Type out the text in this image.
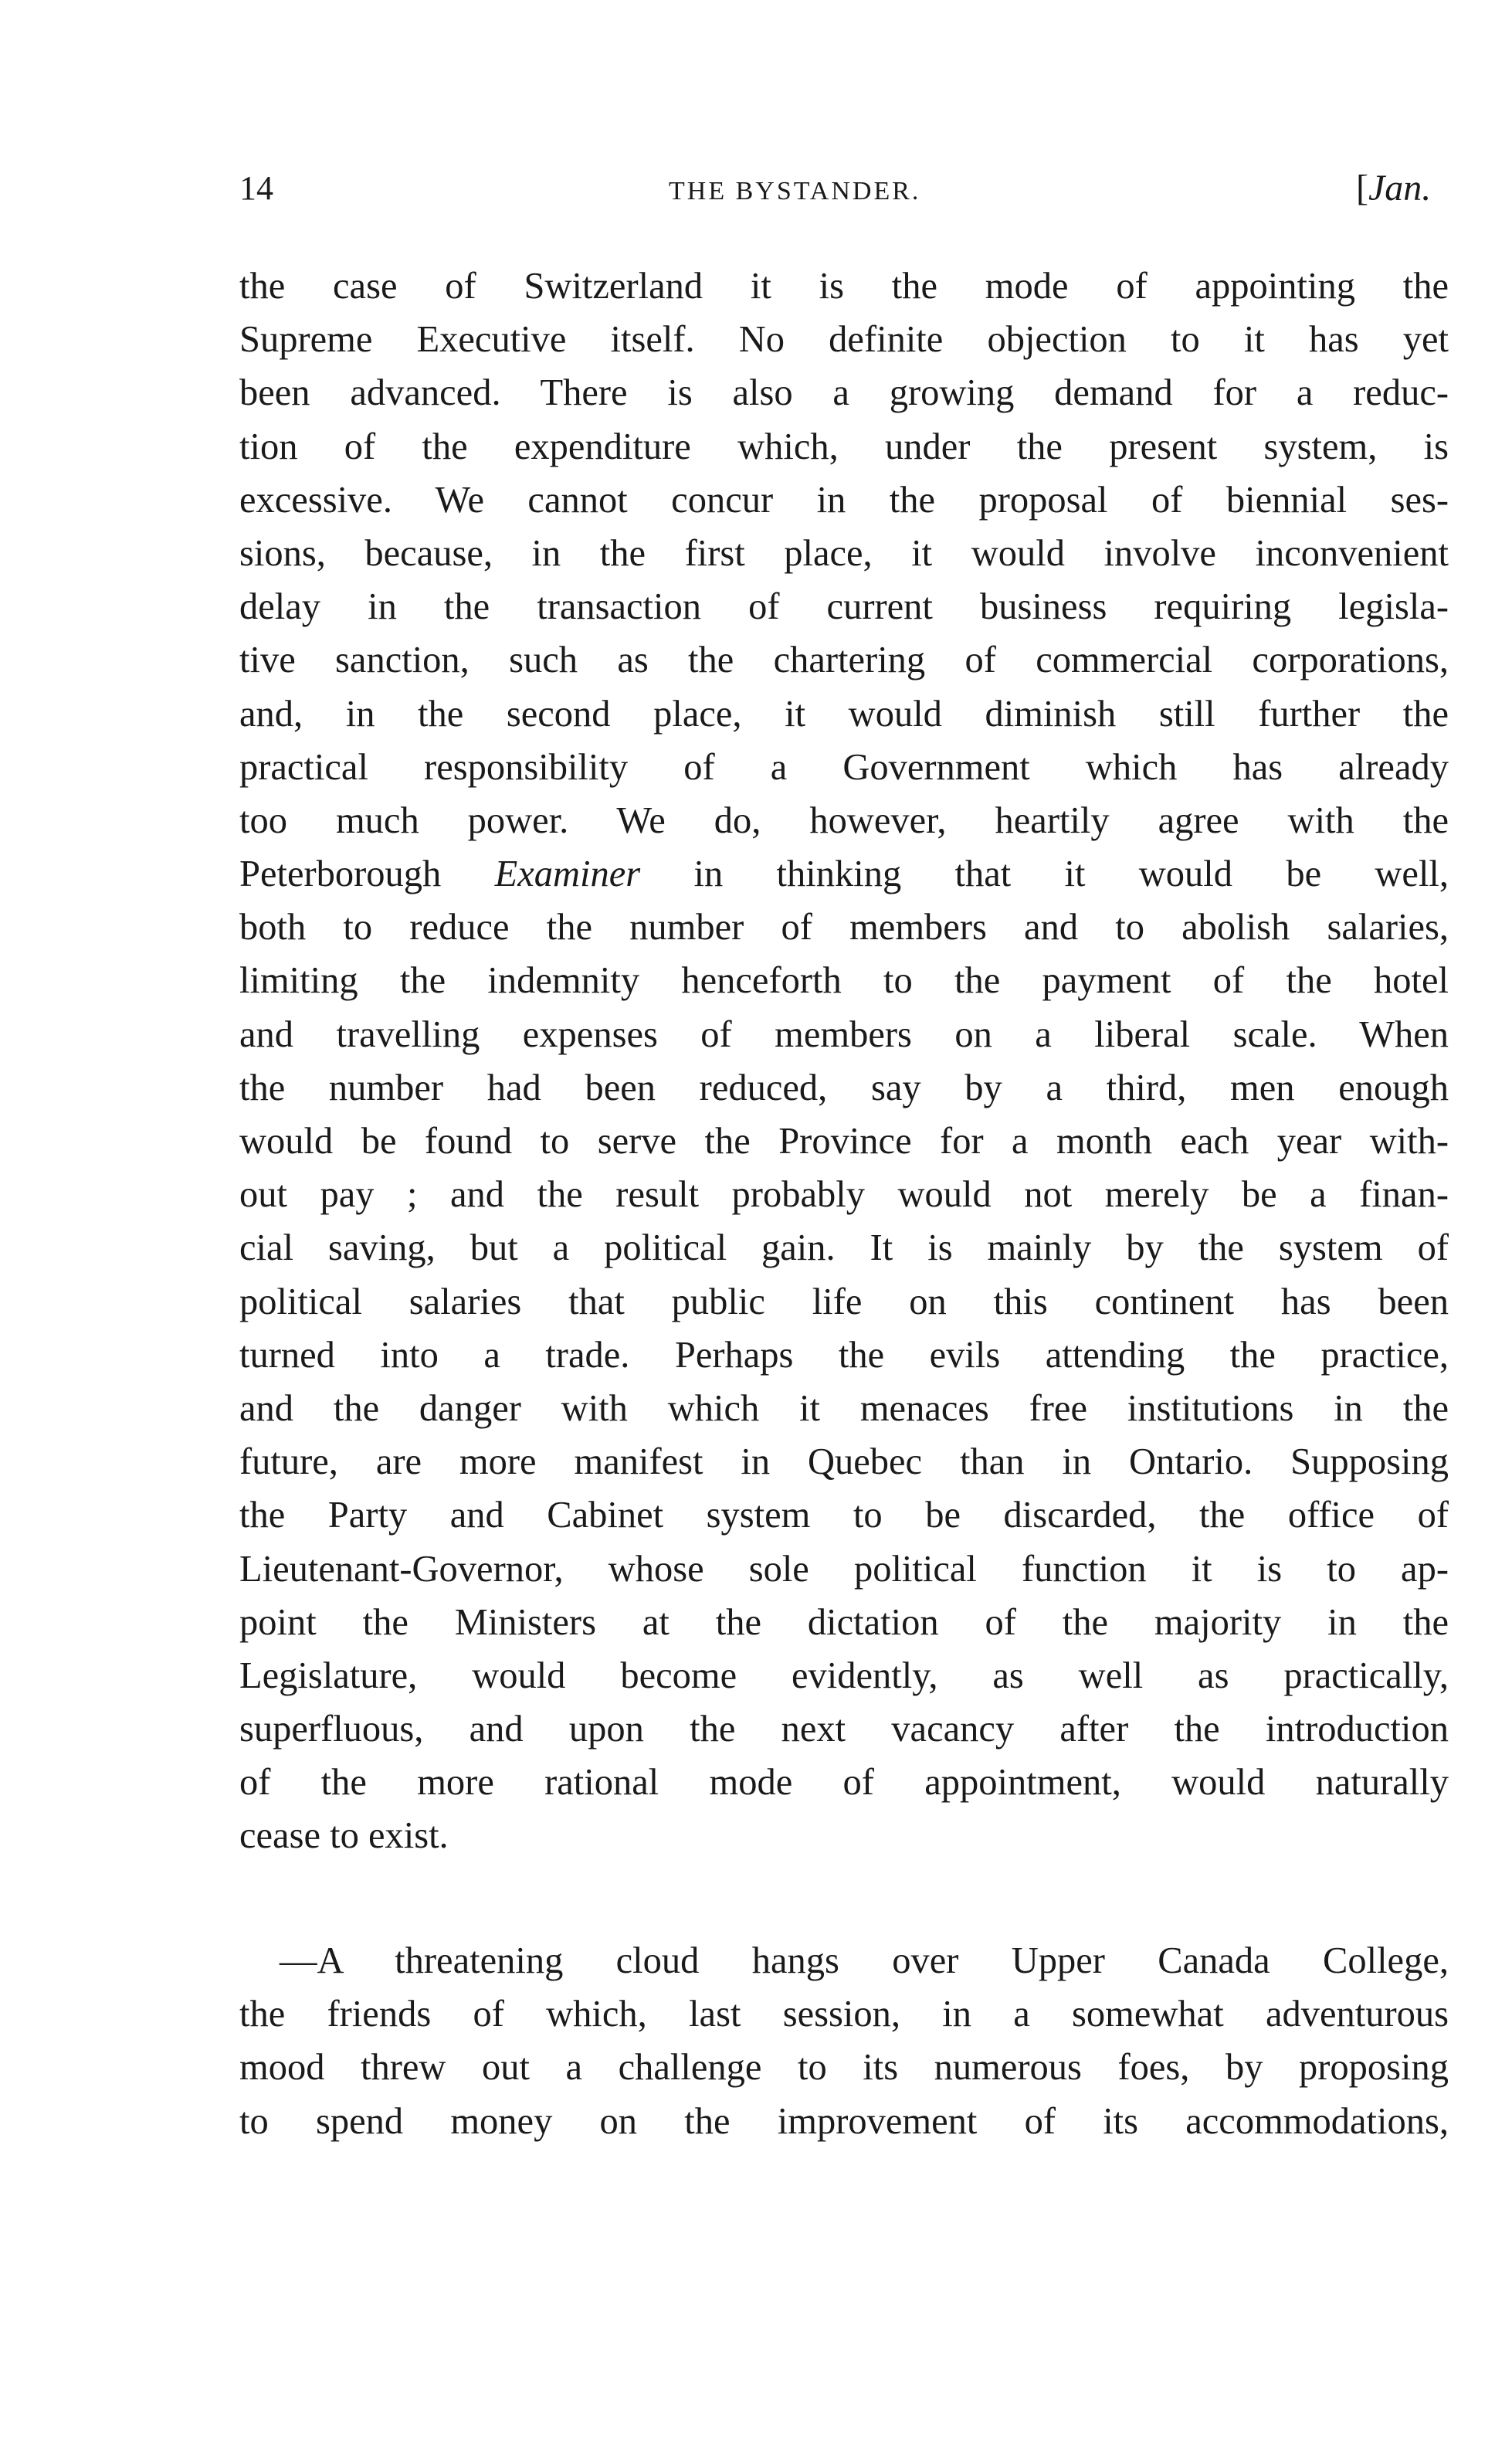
14	THE BYSTANDER.	[Jan.
the case of Switzerland it is the mode of appointing the
Supreme Executive itself. No definite objection to it has yet
been advanced. There is also a growing demand for a reduc-
tion of the expenditure which, under the present system, is
excessive. We cannot concur in the proposal of biennial ses-
sions, because, in the first place, it would involve inconvenient
delay in the transaction of current business requiring legisla-
tive sanction, such as the chartering of commercial corporations,
and, in the second place, it would diminish still further the
practical responsibility of a Government which has already
too much power. We do, however, heartily agree with the
Peterborough Examiner in thinking that it would be well,
both to reduce the number of members and to abolish salaries,
limiting the indemnity henceforth to the payment of the hotel
and travelling expenses of members on a liberal scale. When
the number had been reduced, say by a third, men enough
would be found to serve the Province for a month each year with-
out pay ; and the result probably would not merely be a finan-
cial saving, but a political gain. It is mainly by the system of
political salaries that public life on this continent has been
turned into a trade. Perhaps the evils attending the practice,
and the danger with which it menaces free institutions in the
future, are more manifest in Quebec than in Ontario. Supposing
the Party and Cabinet system to be discarded, the office of
Lieutenant-Governor, whose sole political function it is to ap-
point the Ministers at the dictation of the majority in the
Legislature, would become evidently, as well as practically,
superfluous, and upon the next vacancy after the introduction
of the more rational mode of appointment, would naturally
cease to exist.
—A threatening cloud hangs over Upper Canada College,
the friends of which, last session, in a somewhat adventurous
mood threw out a challenge to its numerous foes, by proposing
to spend money on the improvement of its accommodations,
